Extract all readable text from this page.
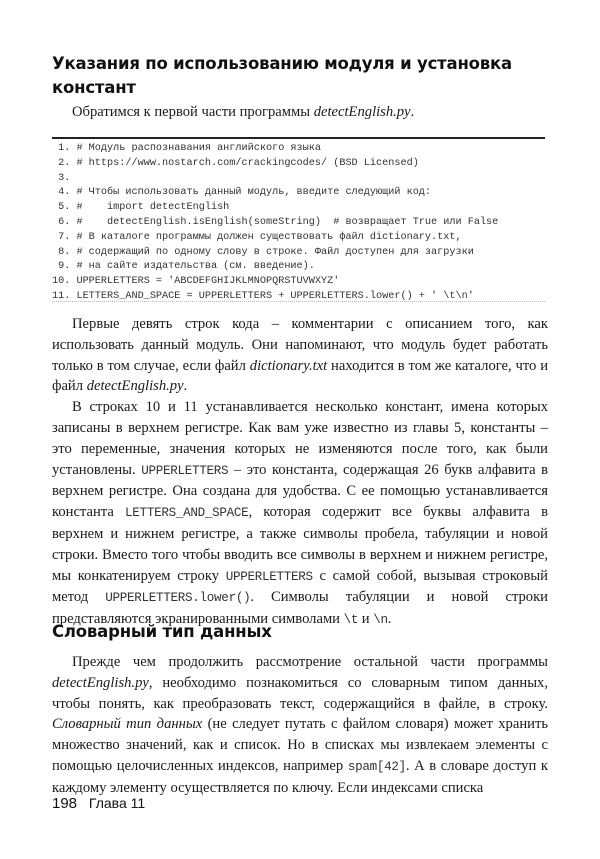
Указания по использованию модуля и установка констант

Обратимся к первой части программы detectEnglish.py.

1. # Модуль распознавания английского языка
2. # https://www.nostarch.com/crackingcodes/ (BSD Licensed)
3.
4. # Чтобы использовать данный модуль, введите следующий код:
5. #    import detectEnglish
6. #    detectEnglish.isEnglish(someString)  # возвращает True или False
7. # В каталоге программы должен существовать файл dictionary.txt,
8. # содержащий по одному слову в строке. Файл доступен для загрузки
9. # на сайте издательства (см. введение).
10. UPPERLETTERS = 'ABCDEFGHIJKLMNOPQRSTUVWXYZ'
11. LETTERS_AND_SPACE = UPPERLETTERS + UPPERLETTERS.lower() + ' \t\n'

Первые девять строк кода – комментарии с описанием того, как использовать данный модуль. Они напоминают, что модуль будет работать только в том случае, если файл dictionary.txt находится в том же каталоге, что и файл detectEnglish.py.

В строках 10 и 11 устанавливается несколько констант, имена которых записаны в верхнем регистре. Как вам уже известно из главы 5, константы – это переменные, значения которых не изменяются после того, как были установлены. UPPERLETTERS – это константа, содержащая 26 букв алфавита в верхнем регистре. Она создана для удобства. С ее помощью устанавливается константа LETTERS_AND_SPACE, которая содержит все буквы алфавита в верхнем и нижнем регистре, а также символы пробела, табуляции и новой строки. Вместо того чтобы вводить все символы в верхнем и нижнем регистре, мы конкатенируем строку UPPERLETTERS с самой собой, вызывая строковый метод UPPERLETTERS.lower(). Символы табуляции и новой строки представляются экранированными символами \t и \n.

Словарный тип данных

Прежде чем продолжить рассмотрение остальной части программы detectEnglish.py, необходимо познакомиться со словарным типом данных, чтобы понять, как преобразовать текст, содержащийся в файле, в строку. Словарный тип данных (не следует путать с файлом словаря) может хранить множество значений, как и список. Но в списках мы извлекаем элементы с помощью целочисленных индексов, например spam[42]. А в словаре доступ к каждому элементу осуществляется по ключу. Если индексами списка

198 Глава 11
